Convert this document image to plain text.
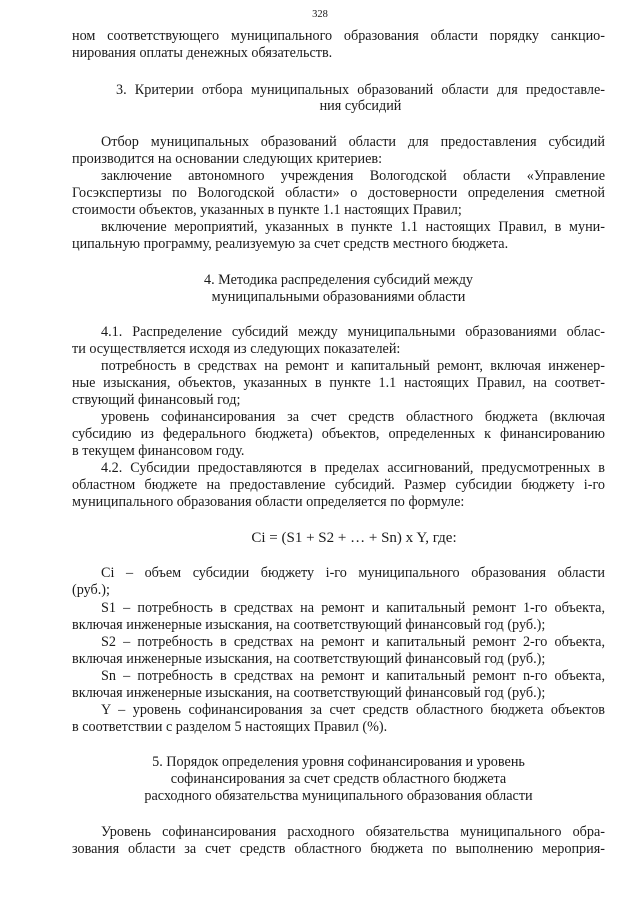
328
ном соответствующего муниципального образования области порядку санкцио-
нирования оплаты денежных обязательств.
3. Критерии отбора муниципальных образований области для предоставле-
ния субсидий
Отбор муниципальных образований области для предоставления субсидий
производится на основании следующих критериев:
заключение автономного учреждения Вологодской области «Управление
Госэкспертизы по Вологодской области» о достоверности определения сметной
стоимости объектов, указанных в пункте 1.1 настоящих Правил;
включение мероприятий, указанных в пункте 1.1 настоящих Правил, в муни-
ципальную программу, реализуемую за счет средств местного бюджета.
4. Методика распределения субсидий между
муниципальными образованиями области
4.1. Распределение субсидий между муниципальными образованиями облас-
ти осуществляется исходя из следующих показателей:
потребность в средствах на ремонт и капитальный ремонт, включая инженер-
ные изыскания, объектов, указанных в пункте 1.1 настоящих Правил, на соответ-
ствующий финансовый год;
уровень софинансирования за счет средств областного бюджета (включая
субсидию из федерального бюджета) объектов, определенных к финансированию
в текущем финансовом году.
4.2. Субсидии предоставляются в пределах ассигнований, предусмотренных в
областном бюджете на предоставление субсидий. Размер субсидии бюджету i-го
муниципального образования области определяется по формуле:
Ci = (S1 + S2 + … + Sn) x Y, где:
Ci – объем субсидии бюджету i-го муниципального образования области
(руб.);
S1 – потребность в средствах на ремонт и капитальный ремонт 1-го объекта,
включая инженерные изыскания, на соответствующий финансовый год (руб.);
S2 – потребность в средствах на ремонт и капитальный ремонт 2-го объекта,
включая инженерные изыскания, на соответствующий финансовый год (руб.);
Sn – потребность в средствах на ремонт и капитальный ремонт n-го объекта,
включая инженерные изыскания, на соответствующий финансовый год (руб.);
Y – уровень софинансирования за счет средств областного бюджета объектов
в соответствии с разделом 5 настоящих Правил (%).
5. Порядок определения уровня софинансирования и уровень
софинансирования за счет средств областного бюджета
расходного обязательства муниципального образования области
Уровень софинансирования расходного обязательства муниципального обра-
зования области за счет средств областного бюджета по выполнению мероприя-
